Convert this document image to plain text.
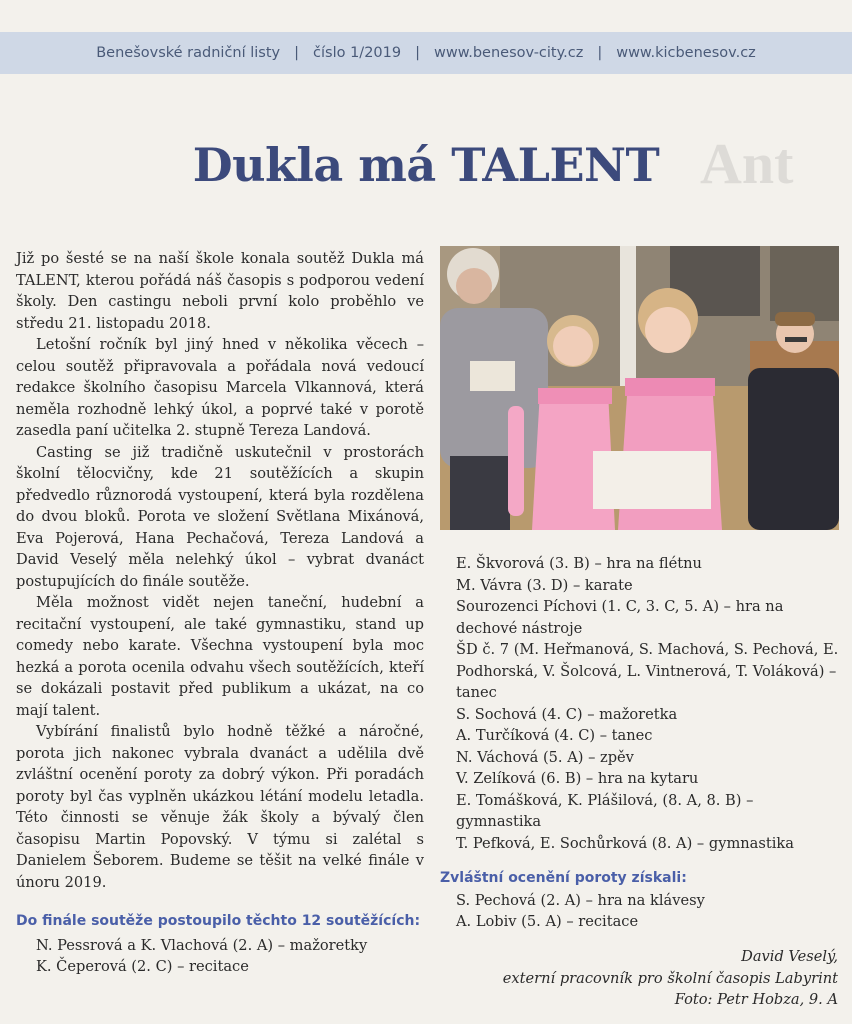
Ant
Benešovské radniční listy | číslo 1/2019 | www.benesov-city.cz | www.kicbenesov.cz
Dukla má TALENT

Již po šesté se na naší škole konala soutěž Dukla má TALENT, kterou pořádá náš časopis s podporou vedení školy. Den castingu neboli první kolo proběhlo ve středu 21. listopadu 2018.

Letošní ročník byl jiný hned v několika věcech – celou soutěž připravovala a pořádala nová vedoucí redakce školního časopisu Marcela Vlkannová, která neměla rozhodně lehký úkol, a poprvé také v porotě zasedla paní učitelka 2. stupně Tereza Landová.

Casting se již tradičně uskutečnil v prostorách školní tělocvičny, kde 21 soutěžících a skupin předvedlo různorodá vystoupení, která byla rozdělena do dvou bloků. Porota ve složení Světlana Mixánová, Eva Pojerová, Hana Pechačová, Tereza Landová a David Veselý měla nelehký úkol – vybrat dvanáct postupujících do finále soutěže.

Měla možnost vidět nejen taneční, hudební a recitační vystoupení, ale také gymnastiku, stand up comedy nebo karate. Všechna vystoupení byla moc hezká a porota ocenila odvahu všech soutěžících, kteří se dokázali postavit před publikum a ukázat, na co mají talent.

Vybírání finalistů bylo hodně těžké a náročné, porota jich nakonec vybrala dvanáct a udělila dvě zvláštní ocenění poroty za dobrý výkon. Při poradách poroty byl čas vyplněn ukázkou létání modelu letadla. Této činnosti se věnuje žák školy a bývalý člen časopisu Martin Popovský. V týmu si zalétal s Danielem Šeborem. Budeme se těšit na velké finále v únoru 2019.

Do finále soutěže postoupilo těchto 12 soutěžících:
N. Pessrová a K. Vlachová (2. A) – mažoretky
K. Čeperová (2. C) – recitace
E. Škvorová (3. B) – hra na flétnu
M. Vávra (3. D) – karate
Sourozenci Píchovi (1. C, 3. C, 5. A) – hra na dechové nástroje
ŠD č. 7 (M. Heřmanová, S. Machová, S. Pechová, E. Podhorská, V. Šolcová, L. Vintnerová, T. Voláková) – tanec
S. Sochová (4. C) – mažoretka
A. Turčíková (4. C) – tanec
N. Váchová (5. A) – zpěv
V. Zelíková (6. B) – hra na kytaru
E. Tomášková, K. Plášilová, (8. A, 8. B) – gymnastika
T. Pefková, E. Sochůrková (8. A) – gymnastika
Zvláštní ocenění poroty získali:
S. Pechová (2. A) – hra na klávesy
A. Lobiv (5. A) – recitace
David Veselý,
externí pracovník pro školní časopis Labyrint
Foto: Petr Hobza, 9. A
